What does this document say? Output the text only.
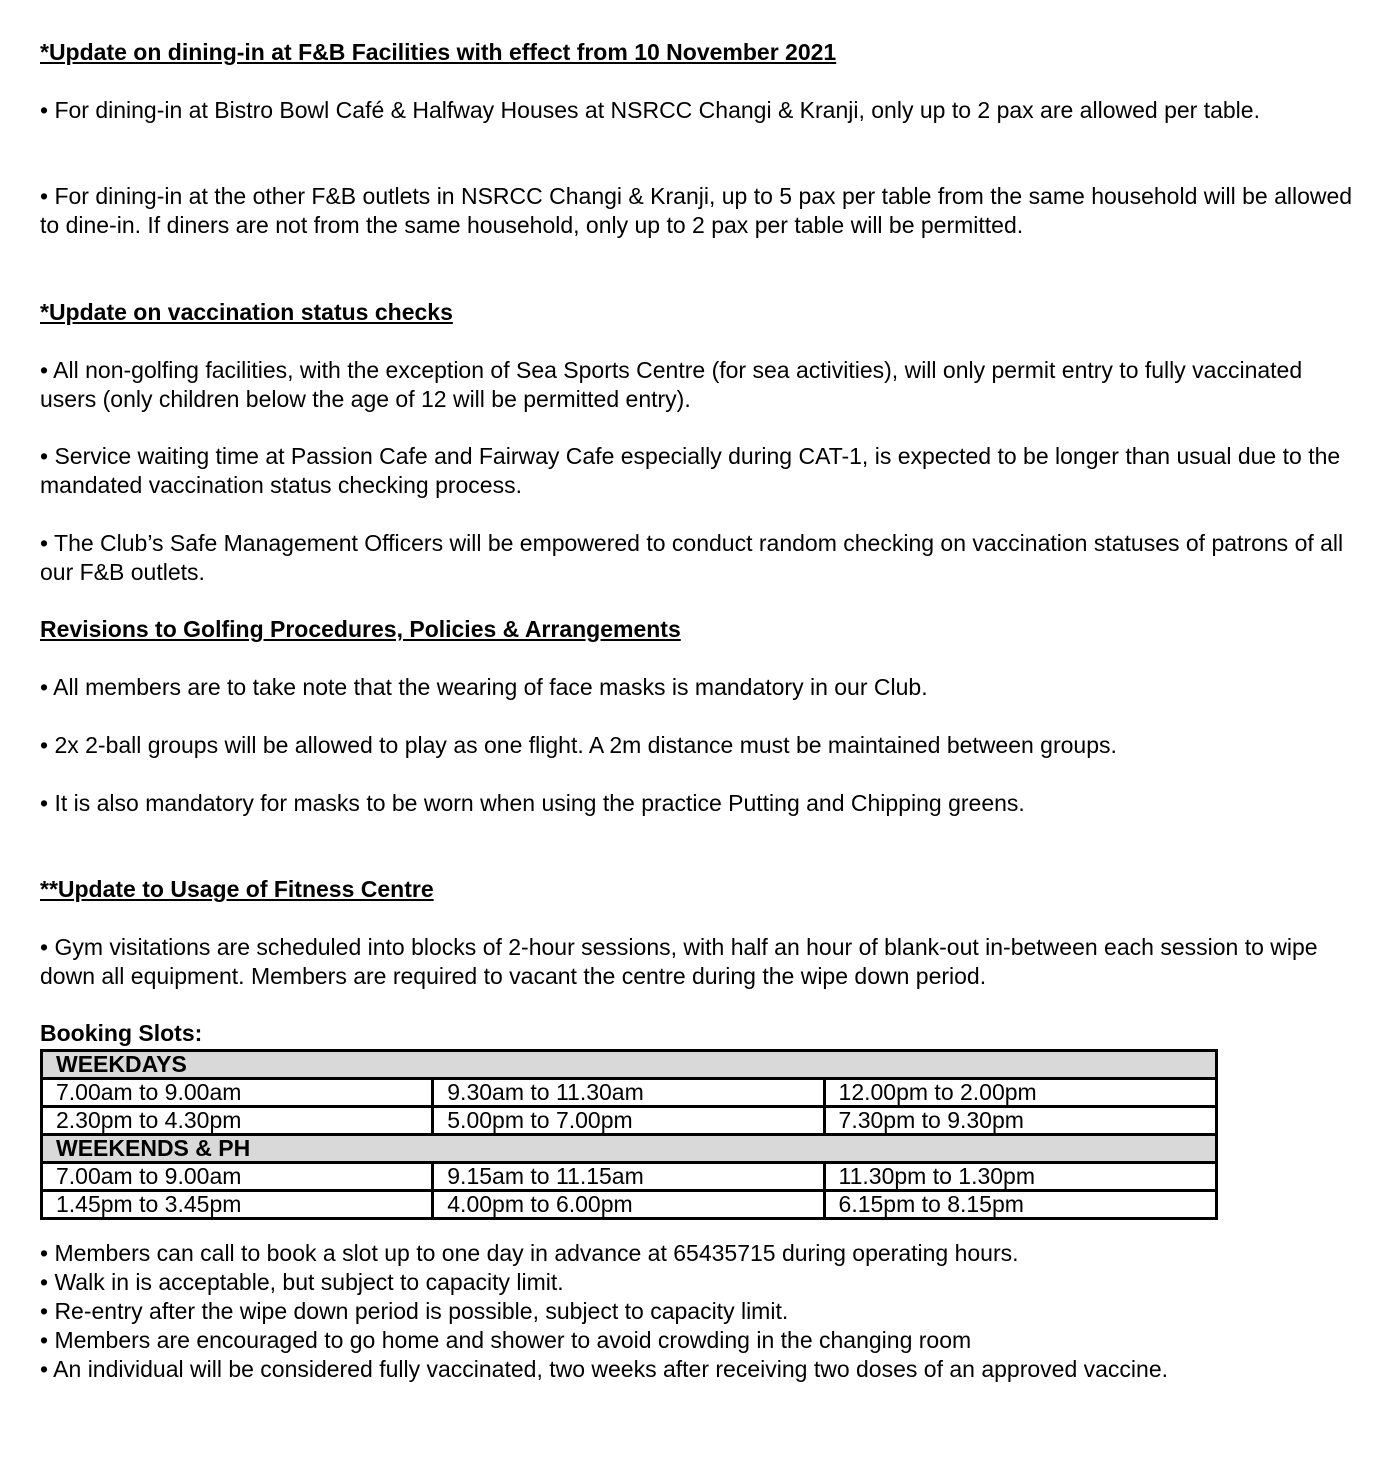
*Update on dining-in at F&B Facilities with effect from 10 November 2021

• For dining-in at Bistro Bowl Café & Halfway Houses at NSRCC Changi & Kranji, only up to 2 pax are allowed per table.

• For dining-in at the other F&B outlets in NSRCC Changi & Kranji, up to 5 pax per table from the same household will be allowed to dine-in. If diners are not from the same household, only up to 2 pax per table will be permitted.

*Update on vaccination status checks

• All non-golfing facilities, with the exception of Sea Sports Centre (for sea activities), will only permit entry to fully vaccinated users (only children below the age of 12 will be permitted entry).

• Service waiting time at Passion Cafe and Fairway Cafe especially during CAT-1, is expected to be longer than usual due to the mandated vaccination status checking process.

• The Club’s Safe Management Officers will be empowered to conduct random checking on vaccination statuses of patrons of all our F&B outlets.

Revisions to Golfing Procedures, Policies & Arrangements

• All members are to take note that the wearing of face masks is mandatory in our Club.

• 2x 2-ball groups will be allowed to play as one flight. A 2m distance must be maintained between groups.

• It is also mandatory for masks to be worn when using the practice Putting and Chipping greens.

**Update to Usage of Fitness Centre

• Gym visitations are scheduled into blocks of 2-hour sessions, with half an hour of blank-out in-between each session to wipe down all equipment. Members are required to vacant the centre during the wipe down period.

Booking Slots:

WEEKDAYS		
7.00am to 9.00am	9.30am to 11.30am	12.00pm to 2.00pm
2.30pm to 4.30pm	5.00pm to 7.00pm	7.30pm to 9.30pm
WEEKENDS & PH		
7.00am to 9.00am	9.15am to 11.15am	11.30pm to 1.30pm
1.45pm to 3.45pm	4.00pm to 6.00pm	6.15pm to 8.15pm
• Members can call to book a slot up to one day in advance at 65435715 during operating hours.
• Walk in is acceptable, but subject to capacity limit.
• Re-entry after the wipe down period is possible, subject to capacity limit.
• Members are encouraged to go home and shower to avoid crowding in the changing room
• An individual will be considered fully vaccinated, two weeks after receiving two doses of an approved vaccine.
